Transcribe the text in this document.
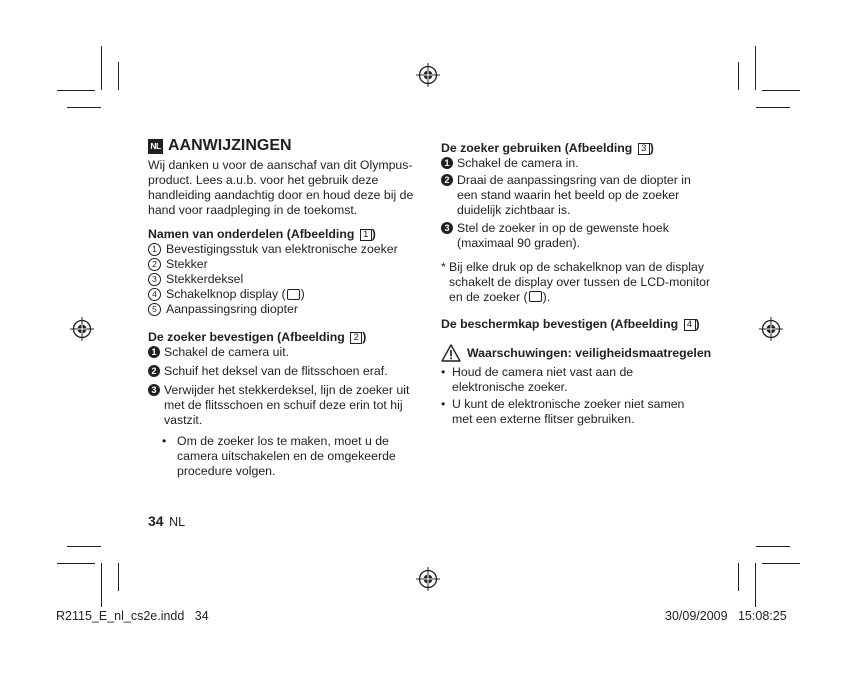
NL AANWIJZINGEN

Wij danken u voor de aanschaf van dit Olympus-product. Lees a.u.b. voor het gebruik deze handleiding aandachtig door en houd deze bij de hand voor raadpleging in de toekomst.

Namen van onderdelen (Afbeelding 1 )

1 Bevestigingsstuk van elektronische zoeker
2 Stekker
3 Stekkerdeksel
4 Schakelknop display ( )
5 Aanpassingsring diopter

De zoeker bevestigen (Afbeelding 2 )

1 Schakel de camera uit.
2 Schuif het deksel van de flitsschoen eraf.
3 Verwijder het stekkerdeksel, lijn de zoeker uit met de flitsschoen en schuif deze erin tot hij vastzit.
• Om de zoeker los te maken, moet u de camera uitschakelen en de omgekeerde procedure volgen.

De zoeker gebruiken (Afbeelding 3 )

1 Schakel de camera in.
2 Draai de aanpassingsring van de diopter in een stand waarin het beeld op de zoeker duidelijk zichtbaar is.
3 Stel de zoeker in op de gewenste hoek (maximaal 90 graden).
* Bij elke druk op de schakelknop van de display schakelt de display over tussen de LCD-monitor en de zoeker ( ).

De beschermkap bevestigen (Afbeelding 4 )

Waarschuwingen: veiligheidsmaatregelen
• Houd de camera niet vast aan de elektronische zoeker.
• U kunt de elektronische zoeker niet samen met een externe flitser gebruiken.
34 NL
R2115_E_nl_cs2e.indd 34	30/09/2009 15:08:25
